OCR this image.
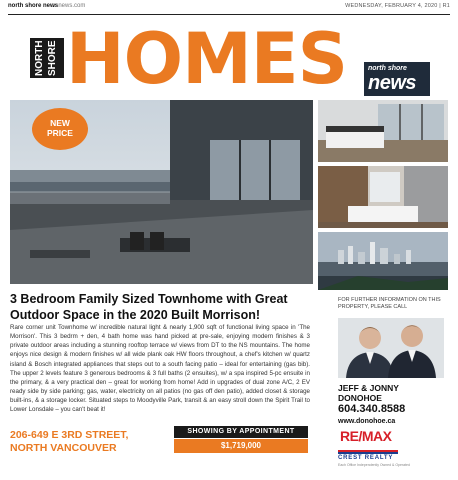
north shore news
nsnews.com	WEDNESDAY, FEBRUARY 4, 2020 | R1
NORTH SHORE HOMES	north shore
news
NEW
PRICE
3 Bedroom Family Sized Townhome with Great Outdoor Space in the 2020 Built Morrison!
Rare corner unit Townhome w/ incredible natural light & nearly 1,900 sqft of functional living space in 'The Morrison'. This 3 bedrm + den, 4 bath home was hand picked at pre-sale, enjoying modern finishes & 3 private outdoor areas including a stunning rooftop terrace w/ views from DT to the NS mountains. The home enjoys nice design & modern finishes w/ all wide plank oak HW floors throughout, a chef's kitchen w/ quartz island & Bosch integrated appliances that steps out to a south facing patio – ideal for entertaining (gas bib). The upper 2 levels feature 3 generous bedrooms & 3 full baths (2 ensuites), w/ a spa inspired 5-pc ensuite in the primary, & a very practical den – great for working from home! Add in upgrades of dual zone A/C, 2 EV ready side by side parking; gas, water, electricity on all patios (no gas off den patio), added closet & storage built-ins, & a storage locker. Situated steps to Moodyville Park, transit & an easy stroll down the Spirit Trail to Lower Lonsdale – you can't beat it!
206-649 E 3RD STREET,
NORTH VANCOUVER
SHOWING BY APPOINTMENT
$1,719,000
FOR FURTHER INFORMATION ON THIS PROPERTY, PLEASE CALL
JEFF & JONNY
DONOHOE
604.340.8588
www.donohoe.ca
RE/MAX
CREST REALTY
Each Office Independently Owned & Operated
